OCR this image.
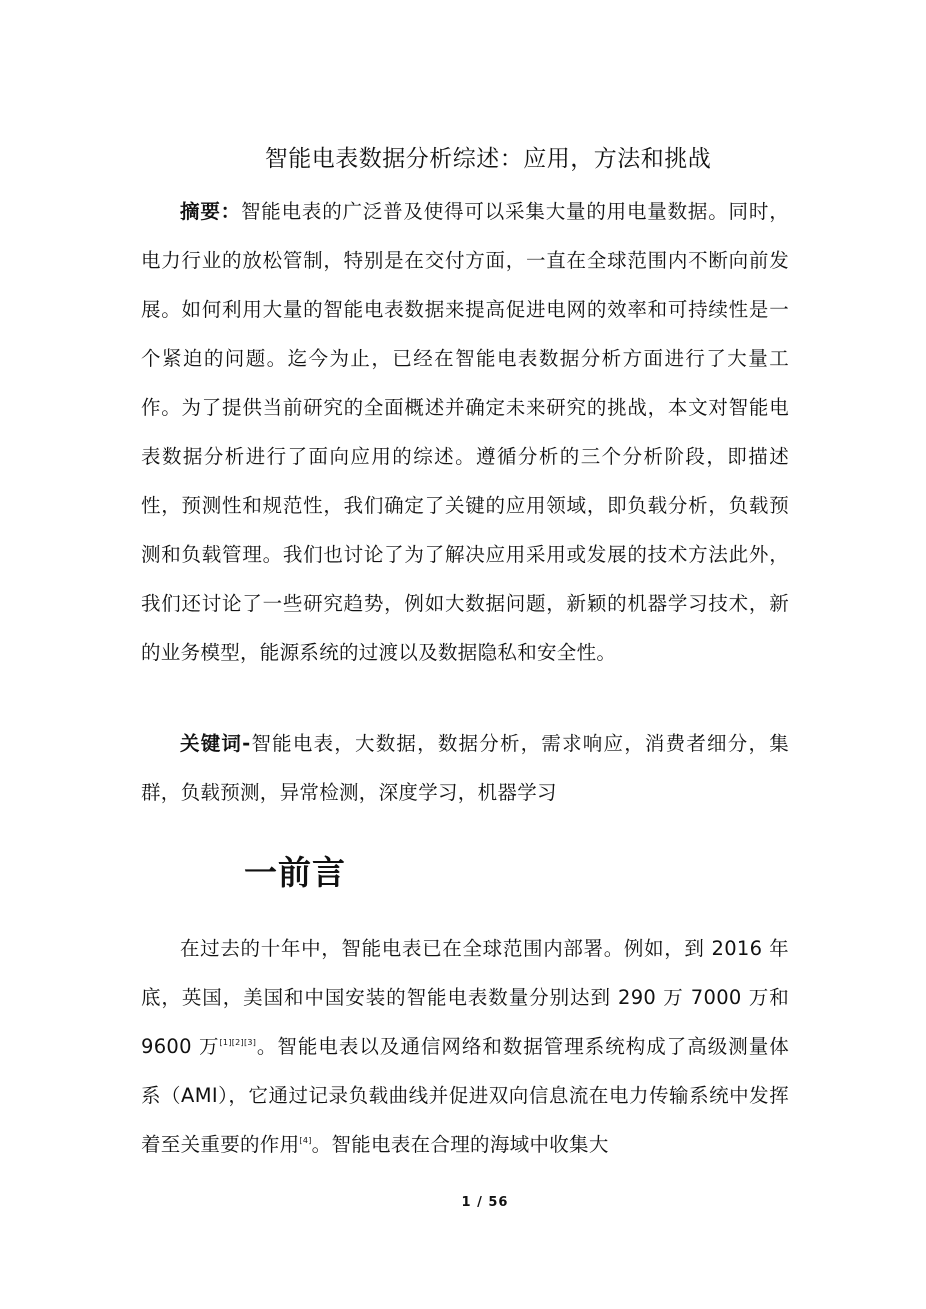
智能电表数据分析综述：应用，方法和挑战
摘要：智能电表的广泛普及使得可以采集大量的用电量数据。同时，电力行业的放松管制，特别是在交付方面，一直在全球范围内不断向前发展。如何利用大量的智能电表数据来提高促进电网的效率和可持续性是一个紧迫的问题。迄今为止，已经在智能电表数据分析方面进行了大量工作。为了提供当前研究的全面概述并确定未来研究的挑战，本文对智能电表数据分析进行了面向应用的综述。遵循分析的三个分析阶段，即描述性，预测性和规范性，我们确定了关键的应用领域，即负载分析，负载预测和负载管理。我们也讨论了为了解决应用采用或发展的技术方法此外，我们还讨论了一些研究趋势，例如大数据问题，新颖的机器学习技术，新的业务模型，能源系统的过渡以及数据隐私和安全性。
关键词-智能电表，大数据，数据分析，需求响应，消费者细分，集群，负载预测，异常检测，深度学习，机器学习
一前言
在过去的十年中，智能电表已在全球范围内部署。例如，到 2016 年底，英国，美国和中国安装的智能电表数量分别达到 290 万 7000 万和 9600 万[1][2][3]。智能电表以及通信网络和数据管理系统构成了高级测量体系（AMI），它通过记录负载曲线并促进双向信息流在电力传输系统中发挥着至关重要的作用[4]。智能电表在合理的海域中收集大
1 / 56
